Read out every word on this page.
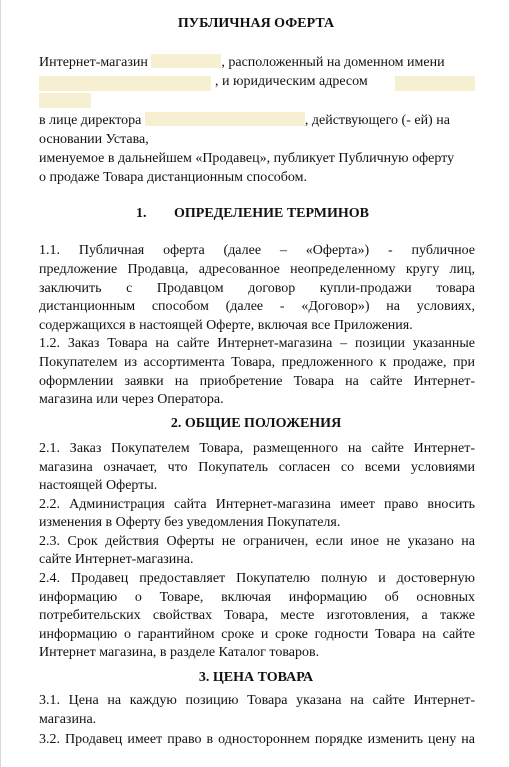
ПУБЛИЧНАЯ ОФЕРТА
Интернет-магазин	, расположенный на доменном имени
, и юридическим адресом
в лице директора	, действующего (- ей) на
основании Устава,
именуемое в дальнейшем «Продавец», публикует Публичную оферту
о продаже Товара дистанционным способом.
1. ОПРЕДЕЛЕНИЕ ТЕРМИНОВ
1.1. Публичная оферта (далее – «Оферта») - публичное
предложение Продавца, адресованное неопределенному кругу лиц,
заключить с Продавцом договор купли-продажи товара
дистанционным способом (далее - «Договор») на условиях,
содержащихся в настоящей Оферте, включая все Приложения.
1.2. Заказ Товара на сайте Интернет-магазина – позиции указанные
Покупателем из ассортимента Товара, предложенного к продаже, при
оформлении заявки на приобретение Товара на сайте Интернет-
магазина или через Оператора.
2. ОБЩИЕ ПОЛОЖЕНИЯ
2.1. Заказ Покупателем Товара, размещенного на сайте Интернет-
магазина означает, что Покупатель согласен со всеми условиями
настоящей Оферты.
2.2. Администрация сайта Интернет-магазина имеет право вносить
изменения в Оферту без уведомления Покупателя.
2.3. Срок действия Оферты не ограничен, если иное не указано на
сайте Интернет-магазина.
2.4. Продавец предоставляет Покупателю полную и достоверную
информацию о Товаре, включая информацию об основных
потребительских свойствах Товара, месте изготовления, а также
информацию о гарантийном сроке и сроке годности Товара на сайте
Интернет магазина, в разделе Каталог товаров.
3. ЦЕНА ТОВАРА
3.1. Цена на каждую позицию Товара указана на сайте Интернет-
магазина.
3.2. Продавец имеет право в одностороннем порядке изменить цену на
